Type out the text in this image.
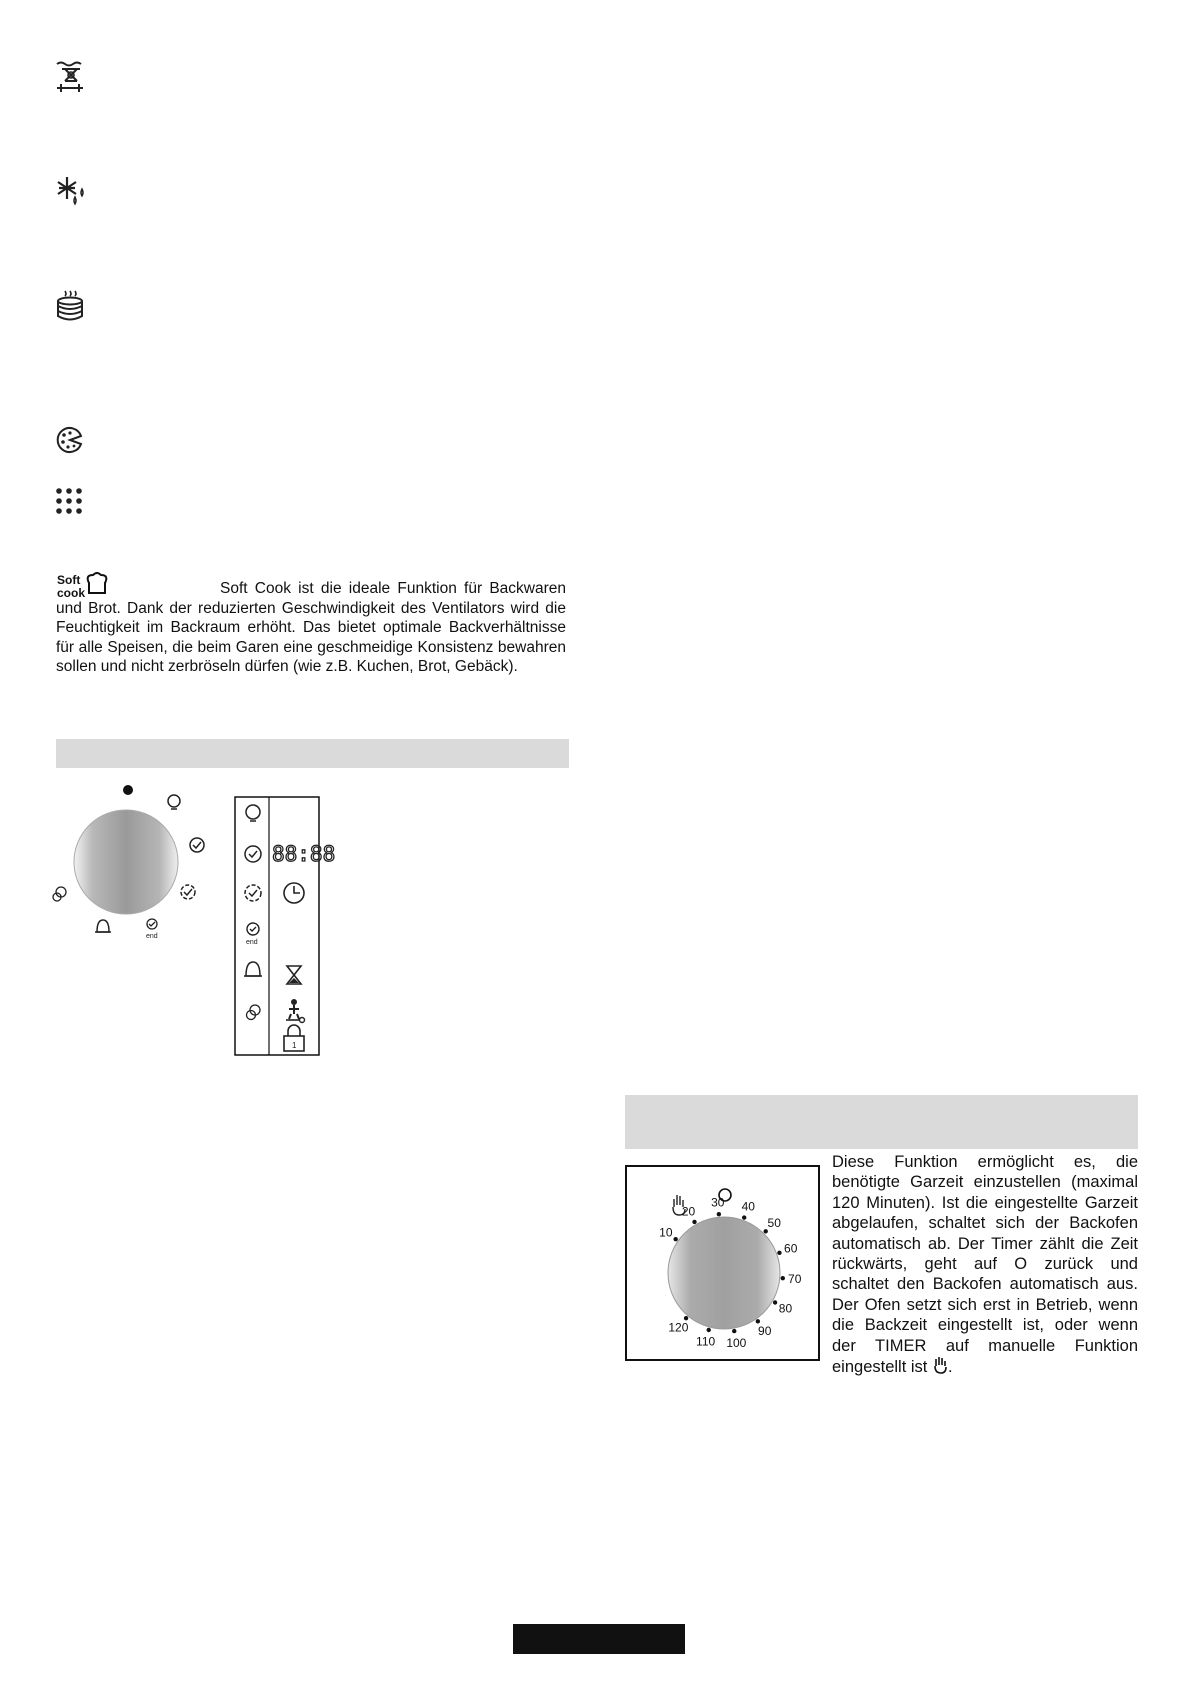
Soft
cook	Soft Cook ist die ideale Funktion für Backwaren und Brot. Dank der reduzierten Geschwindigkeit des Ventilators wird die Feuchtigkeit im Backraum erhöht. Das bietet optimale Backverhältnisse für alle Speisen, die beim Garen eine geschmeidige Konsistenz bewahren sollen und nicht zerbröseln dürfen (wie z.B. Kuchen, Brot, Gebäck).
end
end
88:88
1
10
20
30 40
50
60
70
80
90
100
110
120
Diese Funktion ermöglicht es, die
benötigte Garzeit einzustellen (maximal
120 Minuten). Ist die eingestellte Garzeit
abgelaufen, schaltet sich der Backofen
automatisch ab. Der Timer zählt die Zeit
rückwärts, geht auf O zurück und
schaltet den Backofen automatisch aus.
Der Ofen setzt sich erst in Betrieb, wenn
die Backzeit eingestellt ist, oder wenn
der TIMER auf manuelle Funktion
eingestellt ist .
